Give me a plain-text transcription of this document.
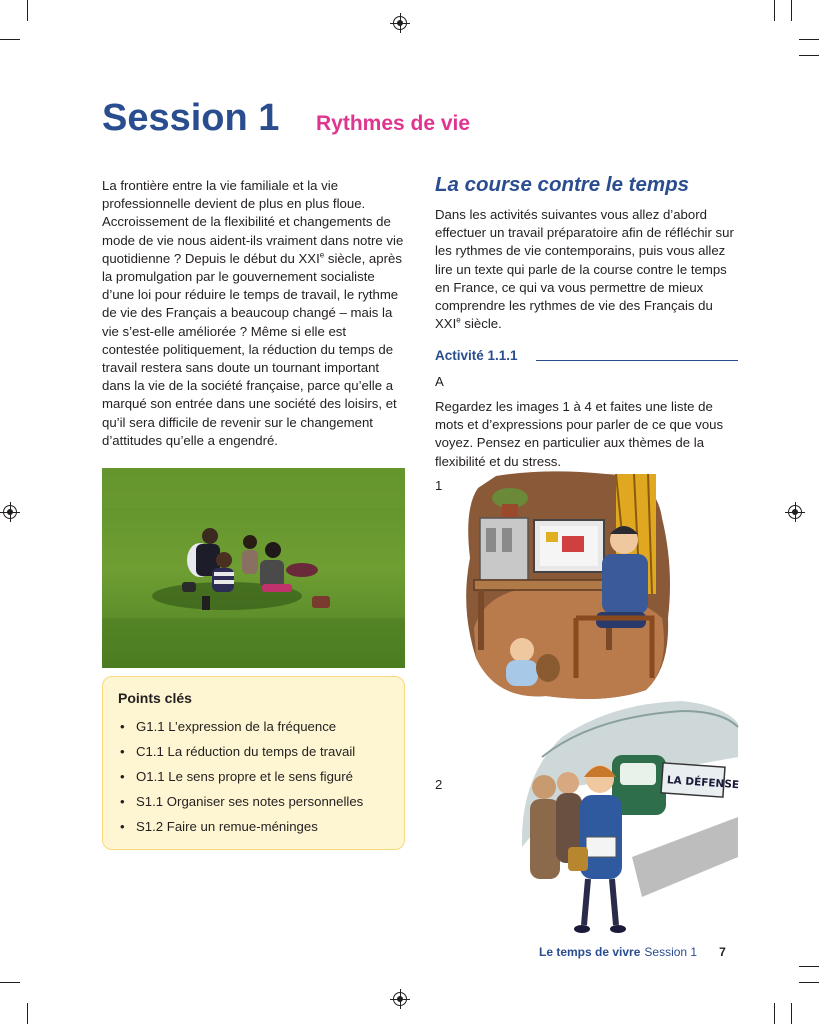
Session 1 Rythmes de vie

La frontière entre la vie familiale et la vie professionnelle devient de plus en plus floue. Accroissement de la flexibilité et changements de mode de vie nous aident-ils vraiment dans notre vie quotidienne ? Depuis le début du XXIe siècle, après la promulgation par le gouvernement socialiste d’une loi pour réduire le temps de travail, le rythme de vie des Français a beaucoup changé – mais la vie s’est-elle améliorée ? Même si elle est contestée politiquement, la réduction du temps de travail restera sans doute un tournant important dans la vie de la société française, parce qu’elle a marqué son entrée dans une société des loisirs, et qu’il sera difficile de revenir sur le changement d’attitudes qu’elle a engendré.

Points clés

• G1.1 L’expression de la fréquence
• C1.1 La réduction du temps de travail
• O1.1 Le sens propre et le sens figuré
• S1.1 Organiser ses notes personnelles
• S1.2 Faire un remue-méninges
La course contre le temps

Dans les activités suivantes vous allez d’abord effectuer un travail préparatoire afin de réfléchir sur les rythmes de vie contemporains, puis vous allez lire un texte qui parle de la course contre le temps en France, ce qui va vous permettre de mieux comprendre les rythmes de vie des Français du XXIe siècle.

Activité 1.1.1
A

Regardez les images 1 à 4 et faites une liste de mots et d’expressions pour parler de ce que vous voyez. Pensez en particulier aux thèmes de la flexibilité et du stress.

1
2	LA DÉFENSE
Le temps de vivre Session 1 7
